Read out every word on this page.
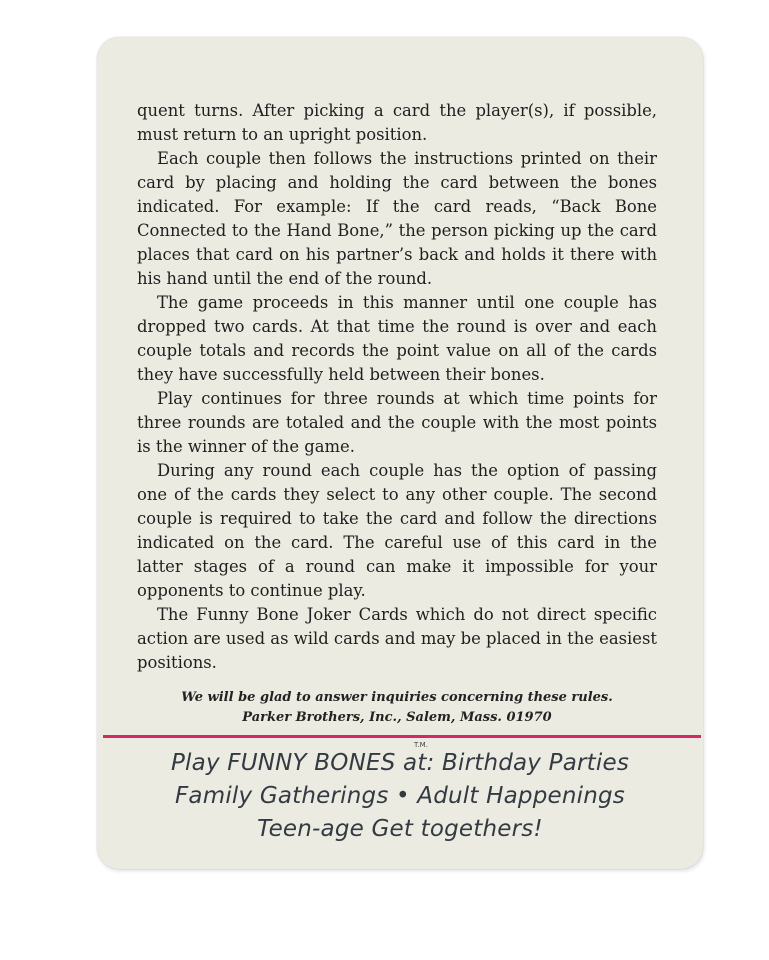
quent turns. After picking a card the player(s), if possible, must return to an upright position.

Each couple then follows the instructions printed on their card by placing and holding the card between the bones indicated. For example: If the card reads, “Back Bone Connected to the Hand Bone,” the person picking up the card places that card on his partner’s back and holds it there with his hand until the end of the round.

The game proceeds in this manner until one couple has dropped two cards. At that time the round is over and each couple totals and records the point value on all of the cards they have successfully held between their bones.

Play continues for three rounds at which time points for three rounds are totaled and the couple with the most points is the winner of the game.

During any round each couple has the option of passing one of the cards they select to any other couple. The second couple is required to take the card and follow the directions indicated on the card. The careful use of this card in the latter stages of a round can make it impossible for your opponents to continue play.

The Funny Bone Joker Cards which do not direct specific action are used as wild cards and may be placed in the easiest positions.

We will be glad to answer inquiries concerning these rules.
Parker Brothers, Inc., Salem, Mass. 01970
T.M.
Play FUNNY BONES at: Birthday Parties
Family Gatherings • Adult Happenings
Teen-age Get togethers!
